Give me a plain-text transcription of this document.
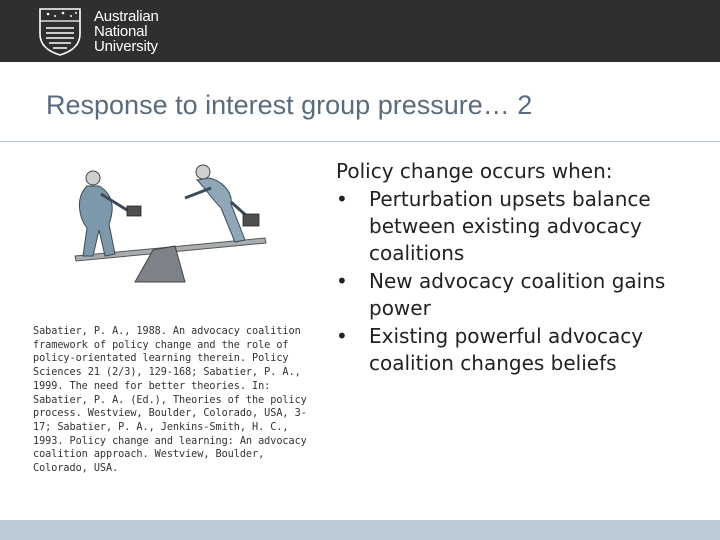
Australian
National
University
Response to interest group pressure… 2
Sabatier, P. A., 1988. An advocacy coalition framework of policy change and the role of policy-orientated learning therein. Policy Sciences 21 (2/3), 129-168; Sabatier, P. A., 1999. The need for better theories. In: Sabatier, P. A. (Ed.), Theories of the policy process. Westview, Boulder, Colorado, USA, 3-17; Sabatier, P. A., Jenkins-Smith, H. C., 1993. Policy change and learning: An advocacy coalition approach. Westview, Boulder, Colorado, USA.
Policy change occurs when:
• Perturbation upsets balance between existing advocacy coalitions
• New advocacy coalition gains power
• Existing powerful advocacy coalition changes beliefs
